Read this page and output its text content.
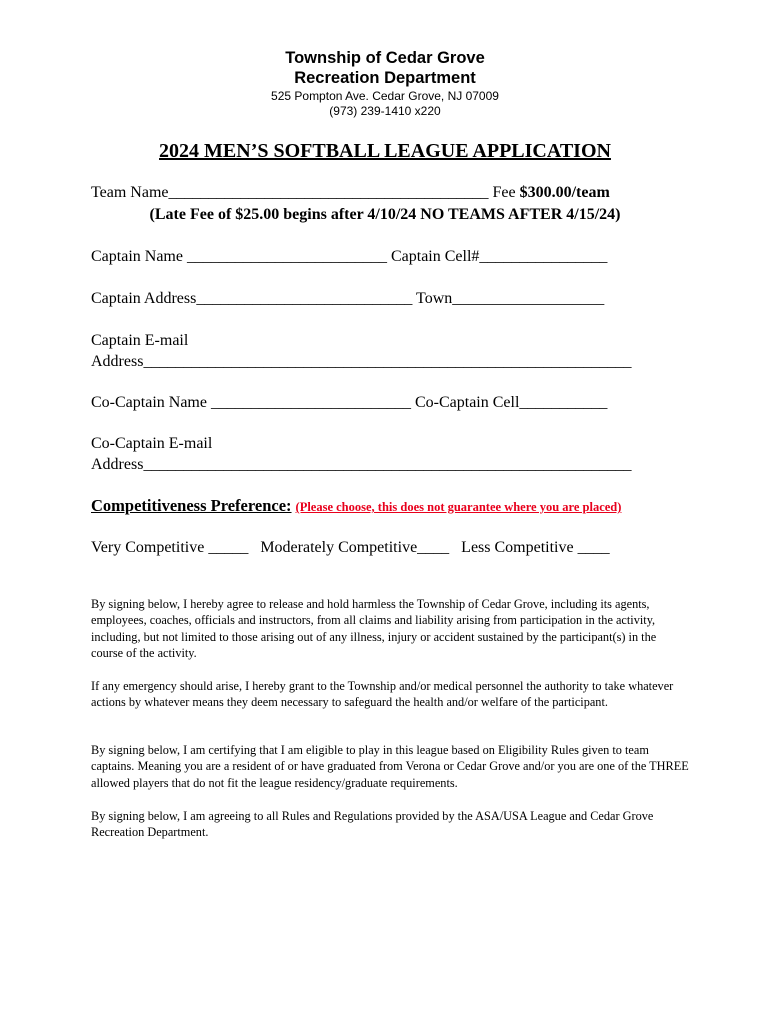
Township of Cedar Grove
Recreation Department
525 Pompton Ave. Cedar Grove, NJ 07009
(973) 239-1410 x220
2024 MEN’S SOFTBALL LEAGUE APPLICATION
Team Name________________________________________ Fee $300.00/team
(Late Fee of $25.00 begins after 4/10/24 NO TEAMS AFTER 4/15/24)
Captain Name _________________________ Captain Cell#________________
Captain Address___________________________ Town___________________
Captain E-mail
Address_____________________________________________________________
Co-Captain Name _________________________ Co-Captain Cell___________
Co-Captain E-mail
Address_____________________________________________________________
Competitiveness Preference: (Please choose, this does not guarantee where you are placed)
Very Competitive _____   Moderately Competitive____   Less Competitive ____
By signing below, I hereby agree to release and hold harmless the Township of Cedar Grove, including its agents, employees, coaches, officials and instructors, from all claims and liability arising from participation in the activity, including, but not limited to those arising out of any illness, injury or accident sustained by the participant(s) in the course of the activity.
If any emergency should arise, I hereby grant to the Township and/or medical personnel the authority to take whatever actions by whatever means they deem necessary to safeguard the health and/or welfare of the participant.
By signing below, I am certifying that I am eligible to play in this league based on Eligibility Rules given to team captains. Meaning you are a resident of or have graduated from Verona or Cedar Grove and/or you are one of the THREE allowed players that do not fit the league residency/graduate requirements.
By signing below, I am agreeing to all Rules and Regulations provided by the ASA/USA League and Cedar Grove Recreation Department.
